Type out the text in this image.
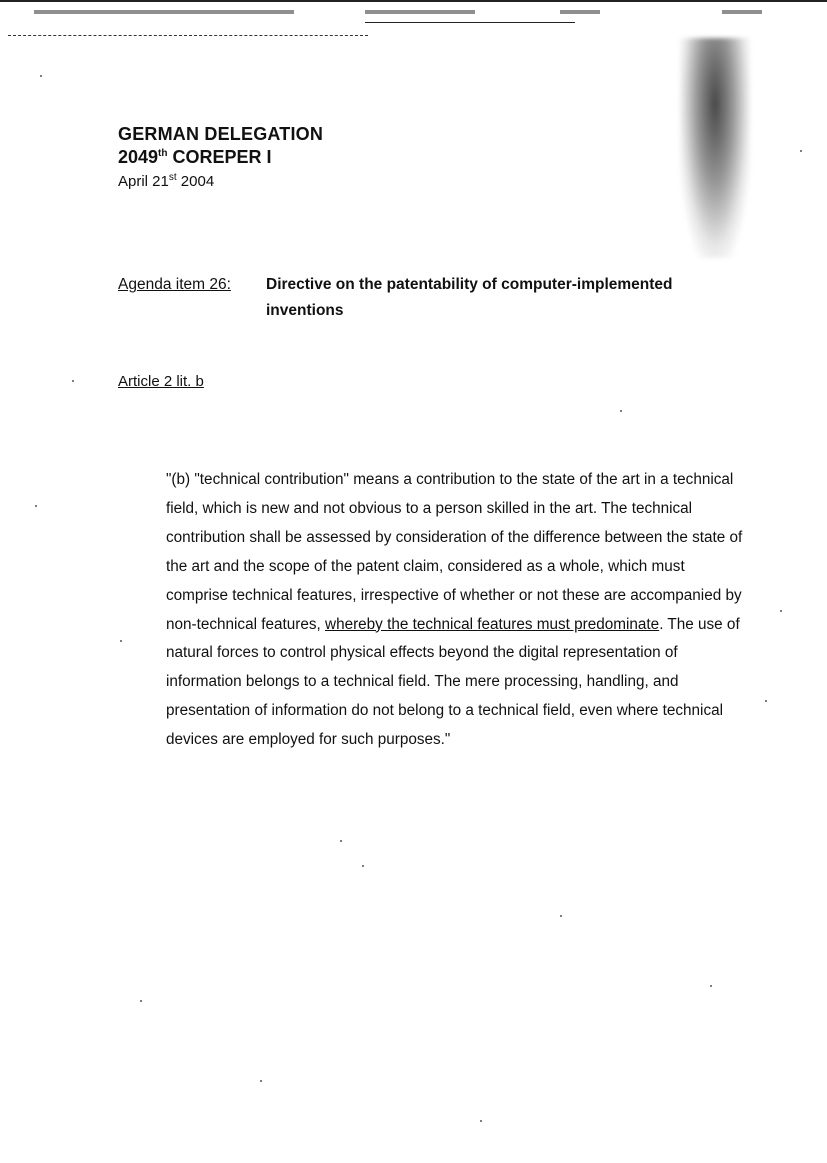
GERMAN DELEGATION
2049th COREPER I
April 21st 2004
Agenda item 26: Directive on the patentability of computer-implemented inventions
Article 2 lit. b
"(b) "technical contribution" means a contribution to the state of the art in a technical field, which is new and not obvious to a person skilled in the art. The technical contribution shall be assessed by consideration of the difference between the state of the art and the scope of the patent claim, considered as a whole, which must comprise technical features, irrespective of whether or not these are accompanied by non-technical features, whereby the technical features must predominate. The use of natural forces to control physical effects beyond the digital representation of information belongs to a technical field. The mere processing, handling, and presentation of information do not belong to a technical field, even where technical devices are employed for such purposes."
